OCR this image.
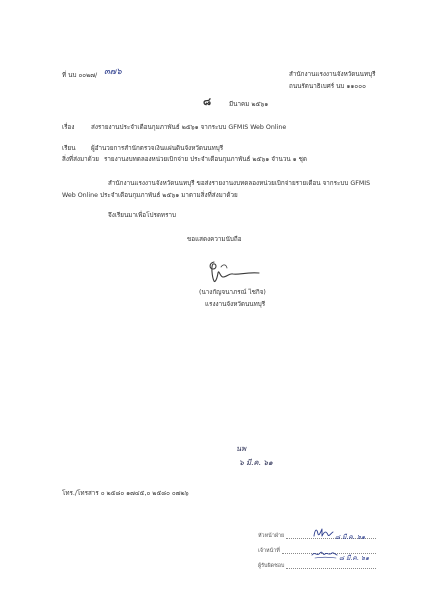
ที่ นบ ๐๐๒๗/ ๓๗๖	สำนักงานแรงงานจังหวัดนนทบุรี
ถนนรัตนาธิเบศร์ นบ ๑๑๐๐๐
๘	มีนาคม ๒๕๖๑
เรื่อง	ส่งรายงานประจำเดือนกุมภาพันธ์ ๒๕๖๑ จากระบบ GFMIS Web Online
เรียน	ผู้อำนวยการสำนักตรวจเงินแผ่นดินจังหวัดนนทบุรี
สิ่งที่ส่งมาด้วย รายงานงบทดลองหน่วยเบิกจ่าย ประจำเดือนกุมภาพันธ์ ๒๕๖๑ จำนวน ๑ ชุด
สำนักงานแรงงานจังหวัดนนทบุรี ขอส่งรายงานงบทดลองหน่วยเบิกจ่ายรายเดือน จากระบบ GFMIS
Web Online ประจำเดือนกุมภาพันธ์ ๒๕๖๑ มาตามสิ่งที่ส่งมาด้วย
จึงเรียนมาเพื่อโปรดทราบ
ขอแสดงความนับถือ
(นางกัญจนาภรณ์ ไชกิจ)
แรงงานจังหวัดนนทบุรี
นพ
๖ มี.ค. ๖๑
โทร./โทรสาร ๐ ๒๕๘๐ ๑๗๔๕,๐ ๒๕๘๐ ๐๗๒๖
หัวหน้าฝ่าย	๘ มี.ค. ๖๑
เจ้าหน้าที่
๘ มี.ค. ๖๑
ผู้รับผิดชอบ
